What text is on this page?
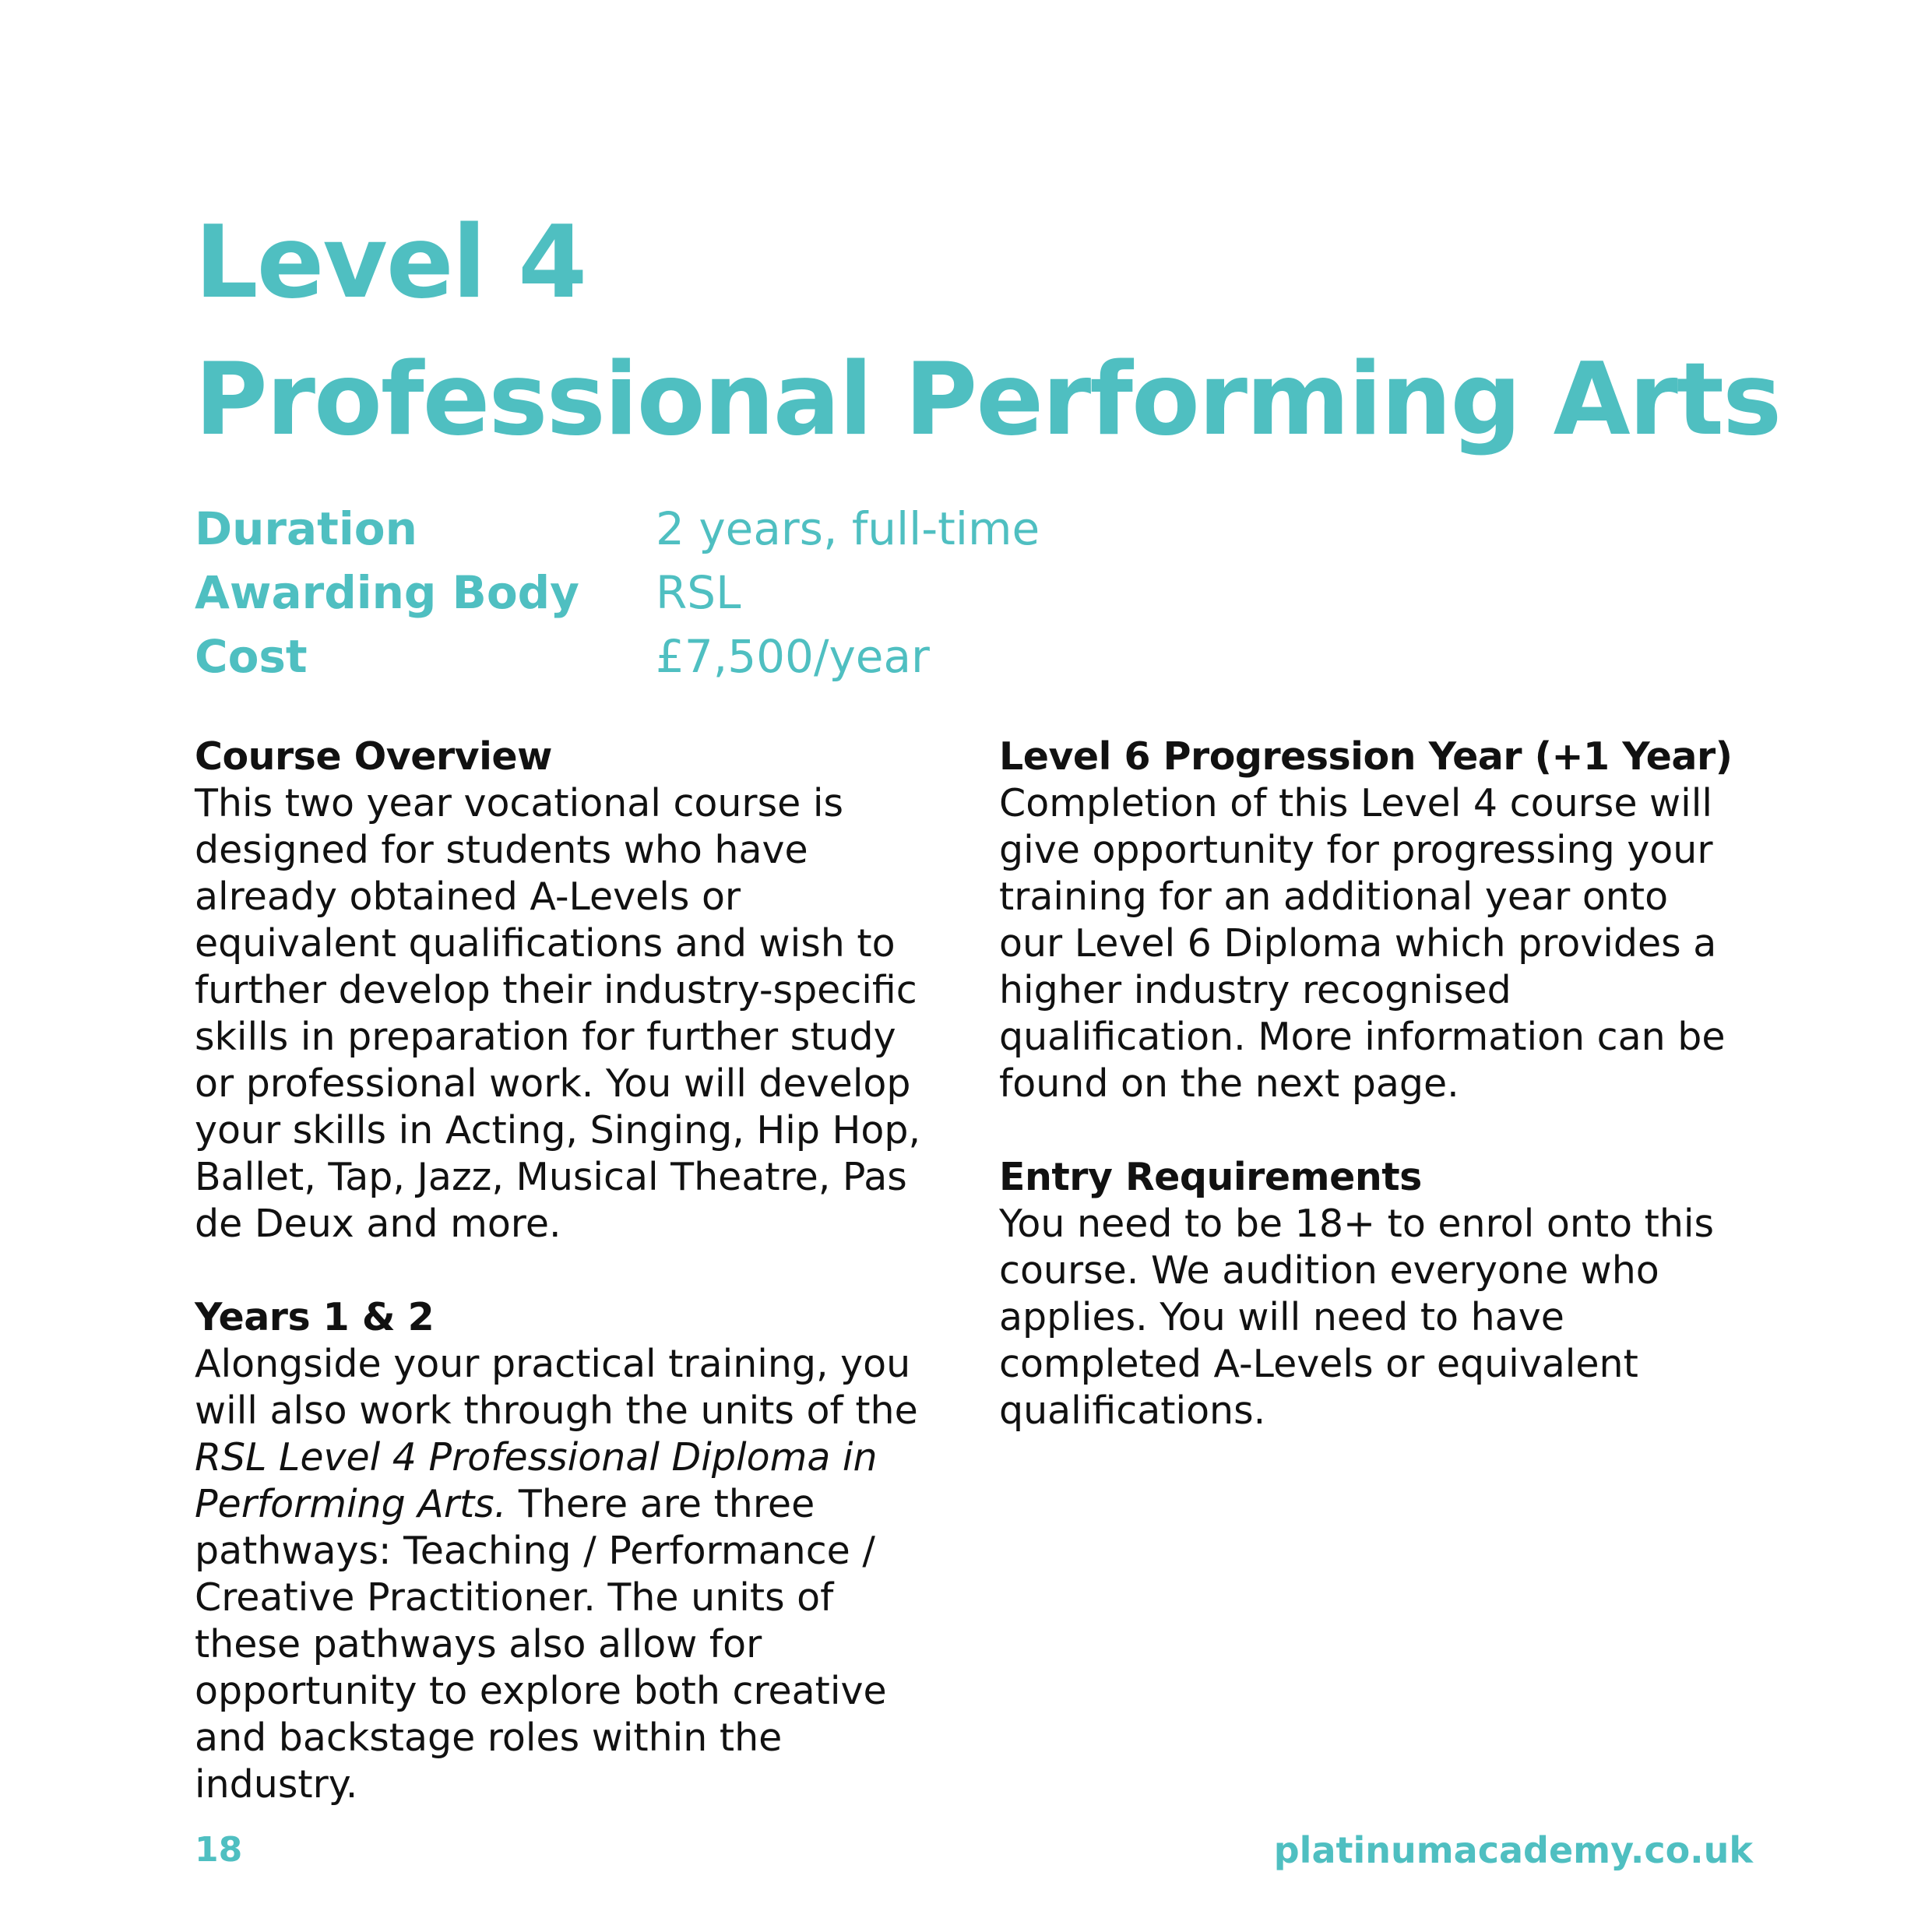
Level 4
Professional Performing Arts
Duration	2 years, full-time
Awarding Body	RSL
Cost	£7,500/year
Course Overview

This two year vocational course is
designed for students who have
already obtained A-Levels or
equivalent qualifications and wish to
further develop their industry-specific
skills in preparation for further study
or professional work. You will develop
your skills in Acting, Singing, Hip Hop,
Ballet, Tap, Jazz, Musical Theatre, Pas
de Deux and more.

Years 1 & 2

Alongside your practical training, you
will also work through the units of the
RSL Level 4 Professional Diploma in
Performing Arts. There are three
pathways: Teaching / Performance /
Creative Practitioner. The units of
these pathways also allow for
opportunity to explore both creative
and backstage roles within the
industry.

Level 6 Progression Year (+1 Year)

Completion of this Level 4 course will
give opportunity for progressing your
training for an additional year onto
our Level 6 Diploma which provides a
higher industry recognised
qualification. More information can be
found on the next page.

Entry Requirements

You need to be 18+ to enrol onto this
course. We audition everyone who
applies. You will need to have
completed A-Levels or equivalent
qualifications.

18	platinumacademy.co.uk
